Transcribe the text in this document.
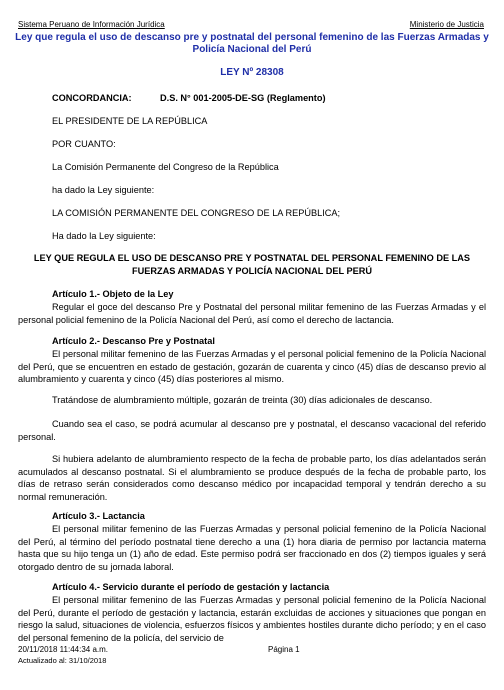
Sistema Peruano de Información Jurídica	Ministerio de Justicia
Ley que regula el uso de descanso pre y postnatal del personal femenino de las Fuerzas Armadas y Policía Nacional del Perú
LEY Nº 28308
CONCORDANCIA:	D.S. N° 001-2005-DE-SG (Reglamento)
EL PRESIDENTE DE LA REPÚBLICA
POR CUANTO:
La Comisión Permanente del Congreso de la República
ha dado la Ley siguiente:
LA COMISIÓN PERMANENTE DEL CONGRESO DE LA REPÚBLICA;
Ha dado la Ley siguiente:
LEY QUE REGULA EL USO DE DESCANSO PRE Y POSTNATAL DEL PERSONAL FEMENINO DE LAS FUERZAS ARMADAS Y POLICÍA NACIONAL DEL PERÚ
Artículo 1.- Objeto de la Ley
Regular el goce del descanso Pre y Postnatal del personal militar femenino de las Fuerzas Armadas y el personal policial femenino de la Policía Nacional del Perú, así como el derecho de lactancia.
Artículo 2.- Descanso Pre y Postnatal
El personal militar femenino de las Fuerzas Armadas y el personal policial femenino de la Policía Nacional del Perú, que se encuentren en estado de gestación, gozarán de cuarenta y cinco (45) días de descanso previo al alumbramiento y cuarenta y cinco (45) días posteriores al mismo.
Tratándose de alumbramiento múltiple, gozarán de treinta (30) días adicionales de descanso.
Cuando sea el caso, se podrá acumular al descanso pre y postnatal, el descanso vacacional del referido personal.
Si hubiera adelanto de alumbramiento respecto de la fecha de probable parto, los días adelantados serán acumulados al descanso postnatal. Si el alumbramiento se produce después de la fecha de probable parto, los días de retraso serán considerados como descanso médico por incapacidad temporal y tendrán derecho a su normal remuneración.
Artículo 3.- Lactancia
El personal militar femenino de las Fuerzas Armadas y personal policial femenino de la Policía Nacional del Perú, al término del período postnatal tiene derecho a una (1) hora diaria de permiso por lactancia materna hasta que su hijo tenga un (1) año de edad. Este permiso podrá ser fraccionado en dos (2) tiempos iguales y será otorgado dentro de su jornada laboral.
Artículo 4.- Servicio durante el período de gestación y lactancia
El personal militar femenino de las Fuerzas Armadas y personal policial femenino de la Policía Nacional del Perú, durante el período de gestación y lactancia, estarán excluidas de acciones y situaciones que pongan en riesgo la salud, situaciones de violencia, esfuerzos físicos y ambientes hostiles durante dicho período; y en el caso del personal femenino de la policía, del servicio de
20/11/2018 11:44:34 a.m.	Página 1
Actualizado al: 31/10/2018
